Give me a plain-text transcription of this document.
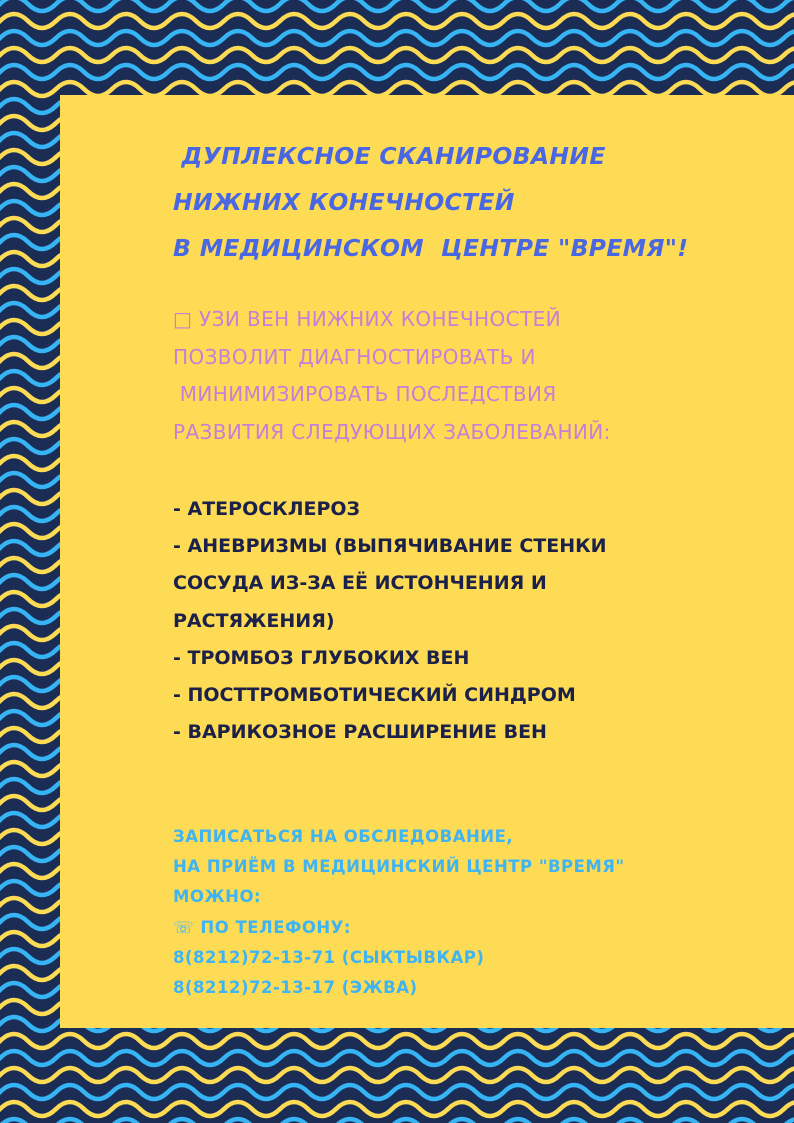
ДУПЛЕКСНОЕ СКАНИРОВАНИЕ
НИЖНИХ КОНЕЧНОСТЕЙ
В МЕДИЦИНСКОМ  ЦЕНТРЕ "ВРЕМЯ"!

□ УЗИ ВЕН НИЖНИХ КОНЕЧНОСТЕЙ
ПОЗВОЛИТ ДИАГНОСТИРОВАТЬ И
МИНИМИЗИРОВАТЬ ПОСЛЕДСТВИЯ
РАЗВИТИЯ СЛЕДУЮЩИХ ЗАБОЛЕВАНИЙ:

- АТЕРОСКЛЕРОЗ
- АНЕВРИЗМЫ (ВЫПЯЧИВАНИЕ СТЕНКИ
СОСУДА ИЗ-ЗА ЕЁ ИСТОНЧЕНИЯ И
РАСТЯЖЕНИЯ)
- ТРОМБОЗ ГЛУБОКИХ ВЕН
- ПОСТТРОМБОТИЧЕСКИЙ СИНДРОМ
- ВАРИКОЗНОЕ РАСШИРЕНИЕ ВЕН
ЗАПИСАТЬСЯ НА ОБСЛЕДОВАНИЕ,
НА ПРИЁМ В МЕДИЦИНСКИЙ ЦЕНТР "ВРЕМЯ"
МОЖНО:
☏ ПО ТЕЛЕФОНУ:
8(8212)72-13-71 (СЫКТЫВКАР)
8(8212)72-13-17 (ЭЖВА)
